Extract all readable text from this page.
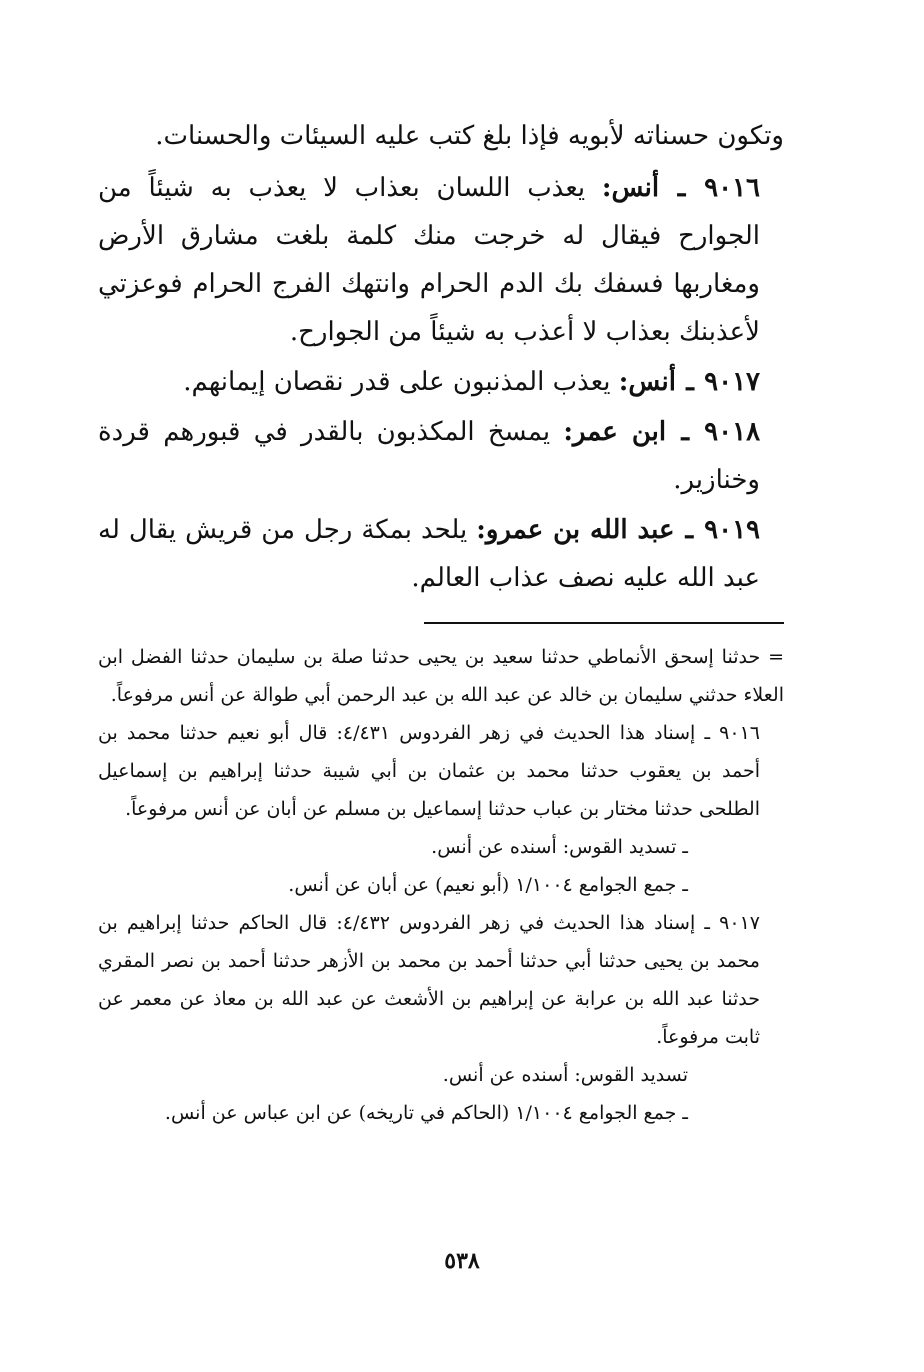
وتكون حسناته لأبويه فإذا بلغ كتب عليه السيئات والحسنات.

٩٠١٦ ـ أنس: يعذب اللسان بعذاب لا يعذب به شيئاً من الجوارح فيقال له خرجت منك كلمة بلغت مشارق الأرض ومغاربها فسفك بك الدم الحرام وانتهك الفرج الحرام فوعزتي لأعذبنك بعذاب لا أعذب به شيئاً من الجوارح.

٩٠١٧ ـ أنس: يعذب المذنبون على قدر نقصان إيمانهم.

٩٠١٨ ـ ابن عمر: يمسخ المكذبون بالقدر في قبورهم قردة وخنازير.

٩٠١٩ ـ عبد الله بن عمرو: يلحد بمكة رجل من قريش يقال له عبد الله عليه نصف عذاب العالم.

= حدثنا إسحق الأنماطي حدثنا سعيد بن يحيى حدثنا صلة بن سليمان حدثنا الفضل ابن العلاء حدثني سليمان بن خالد عن عبد الله بن عبد الرحمن أبي طوالة عن أنس مرفوعاً.

٩٠١٦ ـ إسناد هذا الحديث في زهر الفردوس ٤/٤٣١: قال أبو نعيم حدثنا محمد بن أحمد بن يعقوب حدثنا محمد بن عثمان بن أبي شيبة حدثنا إبراهيم بن إسماعيل الطلحى حدثنا مختار بن عباب حدثنا إسماعيل بن مسلم عن أبان عن أنس مرفوعاً.

ـ تسديد القوس: أسنده عن أنس.

ـ جمع الجوامع ١/١٠٠٤ (أبو نعيم) عن أبان عن أنس.

٩٠١٧ ـ إسناد هذا الحديث في زهر الفردوس ٤/٤٣٢: قال الحاكم حدثنا إبراهيم بن محمد بن يحيى حدثنا أبي حدثنا أحمد بن محمد بن الأزهر حدثنا أحمد بن نصر المقري حدثنا عبد الله بن عرابة عن إبراهيم بن الأشعث عن عبد الله بن معاذ عن معمر عن ثابت مرفوعاً.

تسديد القوس: أسنده عن أنس.

ـ جمع الجوامع ١/١٠٠٤ (الحاكم في تاريخه) عن ابن عباس عن أنس.

٥٣٨
